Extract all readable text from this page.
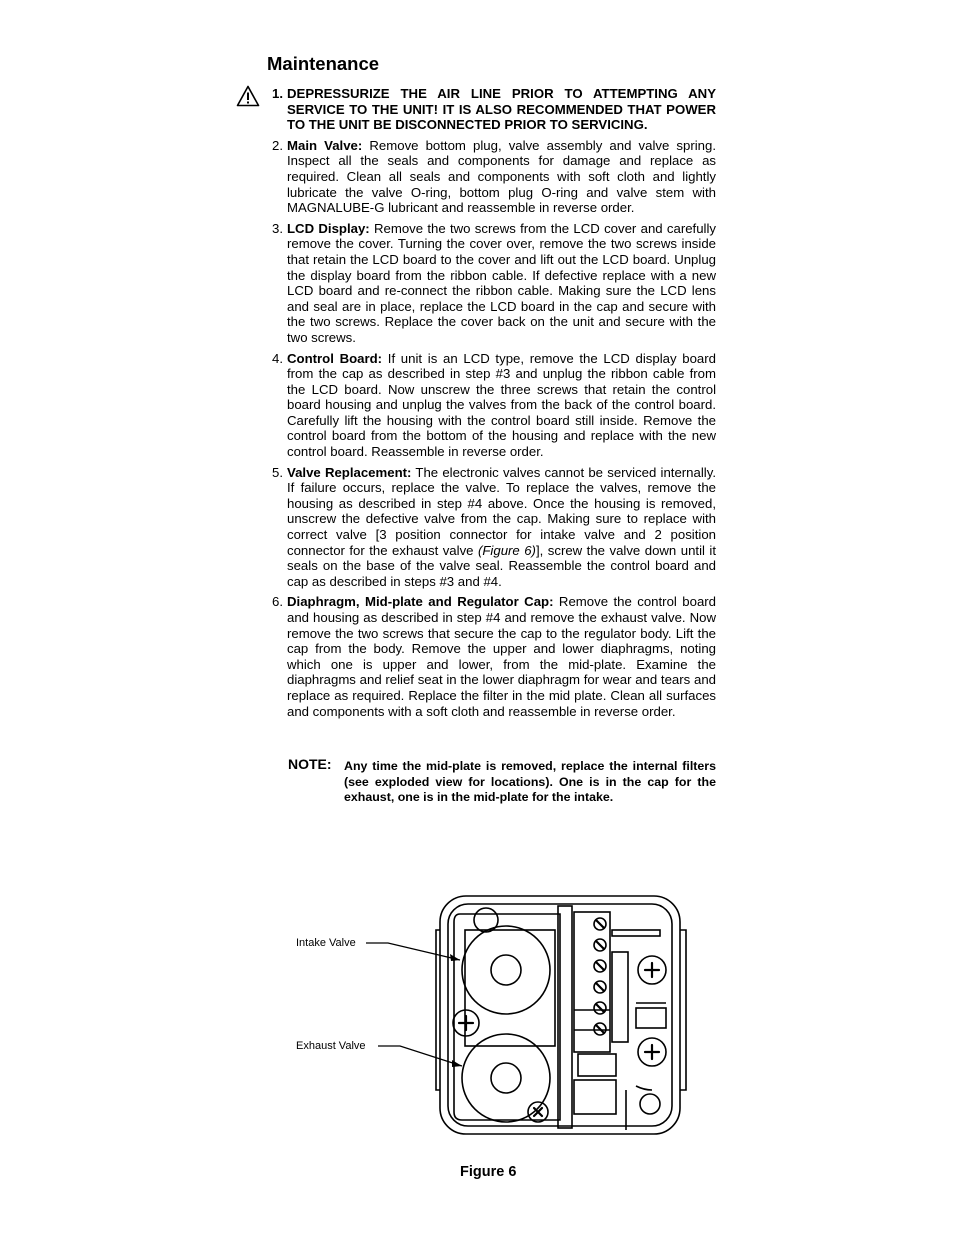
Maintenance
1. DEPRESSURIZE THE AIR LINE PRIOR TO ATTEMPTING ANY SERVICE TO THE UNIT! IT IS ALSO RECOMMENDED THAT POWER TO THE UNIT BE DISCONNECTED PRIOR TO SERVICING.
2. Main Valve: Remove bottom plug, valve assembly and valve spring. Inspect all the seals and components for damage and replace as required. Clean all seals and components with soft cloth and lightly lubricate the valve O-ring, bottom plug O-ring and valve stem with MAGNALUBE-G lubricant and reassemble in reverse order.
3. LCD Display: Remove the two screws from the LCD cover and carefully remove the cover. Turning the cover over, remove the two screws inside that retain the LCD board to the cover and lift out the LCD board. Unplug the display board from the ribbon cable. If defective replace with a new LCD board and re-connect the ribbon cable. Making sure the LCD lens and seal are in place, replace the LCD board in the cap and secure with the two screws. Replace the cover back on the unit and secure with the two screws.
4. Control Board: If unit is an LCD type, remove the LCD display board from the cap as described in step #3 and unplug the ribbon cable from the LCD board. Now unscrew the three screws that retain the control board housing and unplug the valves from the back of the control board. Carefully lift the housing with the control board still inside. Remove the control board from the bottom of the housing and replace with the new control board. Reassemble in reverse order.
5. Valve Replacement: The electronic valves cannot be serviced internally. If failure occurs, replace the valve. To replace the valves, remove the housing as described in step #4 above. Once the housing is removed, unscrew the defective valve from the cap. Making sure to replace with correct valve [3 position connector for intake valve and 2 position connector for the exhaust valve (Figure 6)], screw the valve down until it seals on the base of the valve seal. Reassemble the control board and cap as described in steps #3 and #4.
6. Diaphragm, Mid-plate and Regulator Cap: Remove the control board and housing as described in step #4 and remove the exhaust valve. Now remove the two screws that secure the cap to the regulator body. Lift the cap from the body. Remove the upper and lower diaphragms, noting which one is upper and lower, from the mid-plate. Examine the diaphragms and relief seat in the lower diaphragm for wear and tears and replace as required. Replace the filter in the mid plate. Clean all surfaces and components with a soft cloth and reassemble in reverse order.
NOTE: Any time the mid-plate is removed, replace the internal filters (see exploded view for locations). One is in the cap for the exhaust, one is in the mid-plate for the intake.
Intake Valve
Exhaust Valve
Figure 6
